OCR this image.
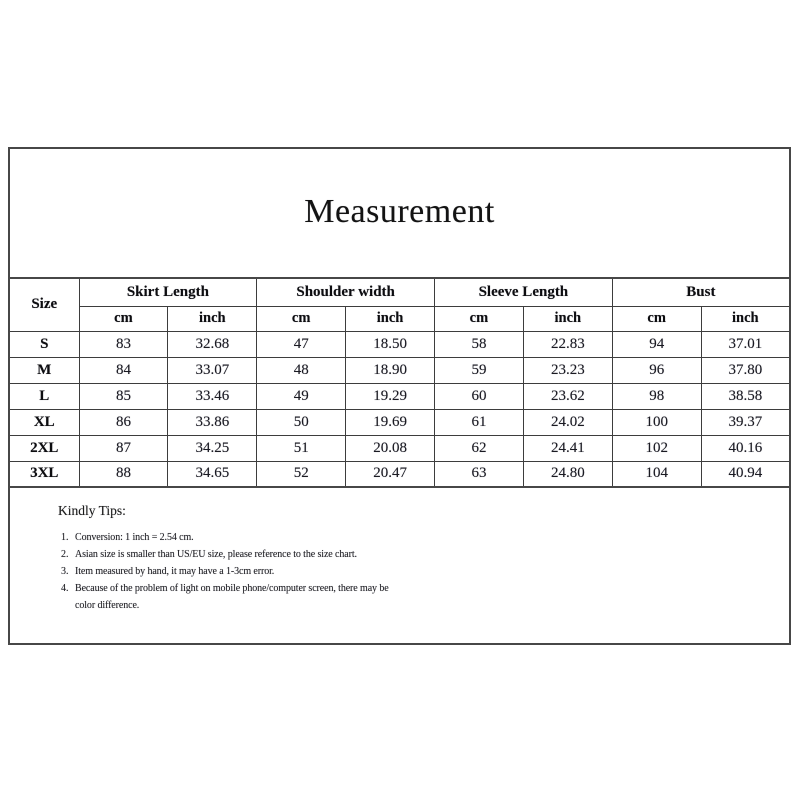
Measurement
Size	Skirt Length		Shoulder width		Sleeve Length		Bust	
	cm	inch	cm	inch	cm	inch	cm	inch
S	83	32.68	47	18.50	58	22.83	94	37.01
M	84	33.07	48	18.90	59	23.23	96	37.80
L	85	33.46	49	19.29	60	23.62	98	38.58
XL	86	33.86	50	19.69	61	24.02	100	39.37
2XL	87	34.25	51	20.08	62	24.41	102	40.16
3XL	88	34.65	52	20.47	63	24.80	104	40.94
Kindly Tips:
1. Conversion: 1 inch = 2.54 cm.
2. Asian size is smaller than US/EU size, please reference to the size chart.
3. Item measured by hand, it may have a 1-3cm error.
4. Because of the problem of light on mobile phone/computer screen, there may be
color difference.
